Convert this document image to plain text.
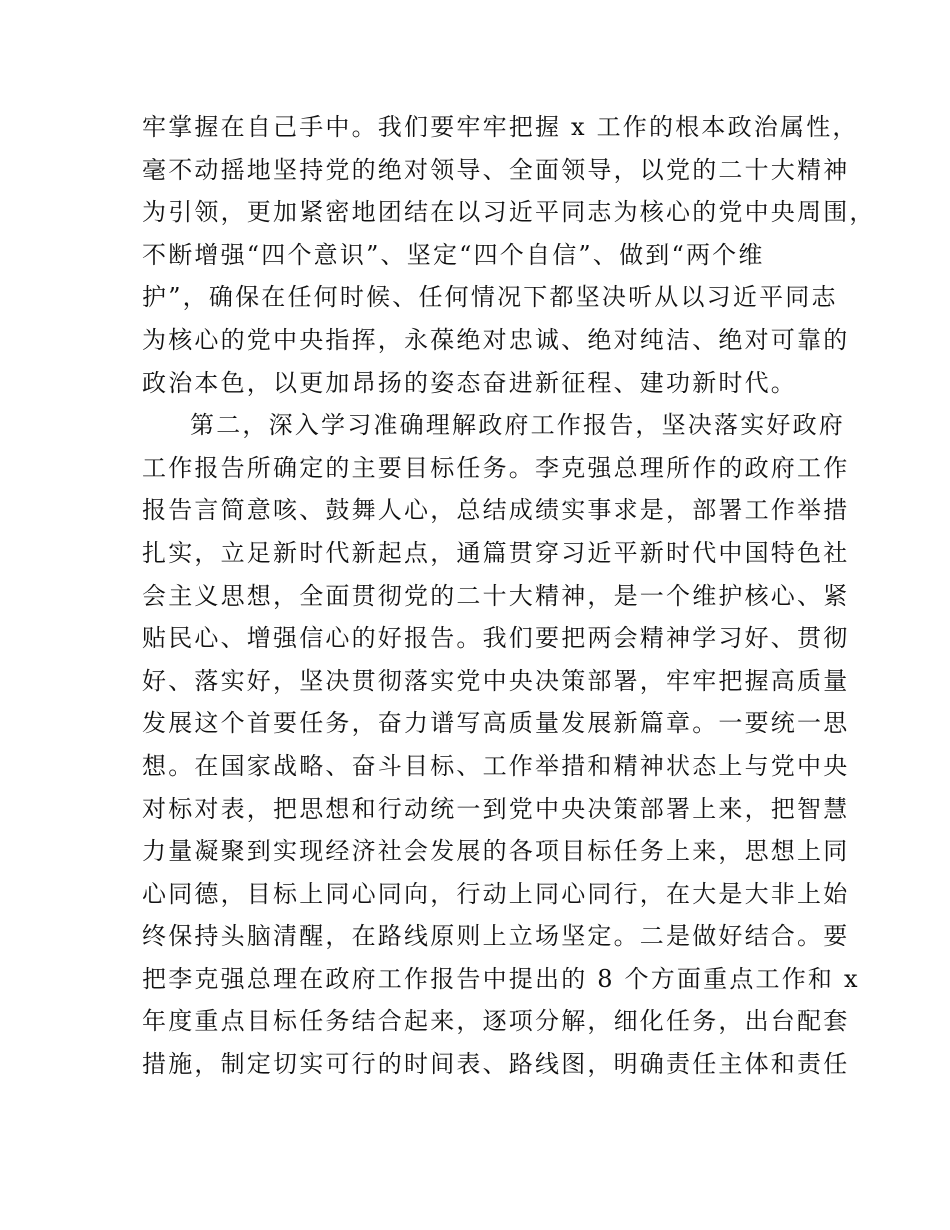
牢掌握在自己手中。我们要牢牢把握 x 工作的根本政治属性，
毫不动摇地坚持党的绝对领导、全面领导，以党的二十大精神
为引领，更加紧密地团结在以习近平同志为核心的党中央周围，
不断增强“四个意识”、坚定“四个自信”、做到“两个维
护”，确保在任何时候、任何情况下都坚决听从以习近平同志
为核心的党中央指挥，永葆绝对忠诚、绝对纯洁、绝对可靠的
政治本色，以更加昂扬的姿态奋进新征程、建功新时代。
第二，深入学习准确理解政府工作报告，坚决落实好政府
工作报告所确定的主要目标任务。李克强总理所作的政府工作
报告言简意咳、鼓舞人心，总结成绩实事求是，部署工作举措
扎实，立足新时代新起点，通篇贯穿习近平新时代中国特色社
会主义思想，全面贯彻党的二十大精神，是一个维护核心、紧
贴民心、增强信心的好报告。我们要把两会精神学习好、贯彻
好、落实好，坚决贯彻落实党中央决策部署，牢牢把握高质量
发展这个首要任务，奋力谱写高质量发展新篇章。一要统一思
想。在国家战略、奋斗目标、工作举措和精神状态上与党中央
对标对表，把思想和行动统一到党中央决策部署上来，把智慧
力量凝聚到实现经济社会发展的各项目标任务上来，思想上同
心同德，目标上同心同向，行动上同心同行，在大是大非上始
终保持头脑清醒，在路线原则上立场坚定。二是做好结合。要
把李克强总理在政府工作报告中提出的 8 个方面重点工作和 x
年度重点目标任务结合起来，逐项分解，细化任务，出台配套
措施，制定切实可行的时间表、路线图，明确责任主体和责任
